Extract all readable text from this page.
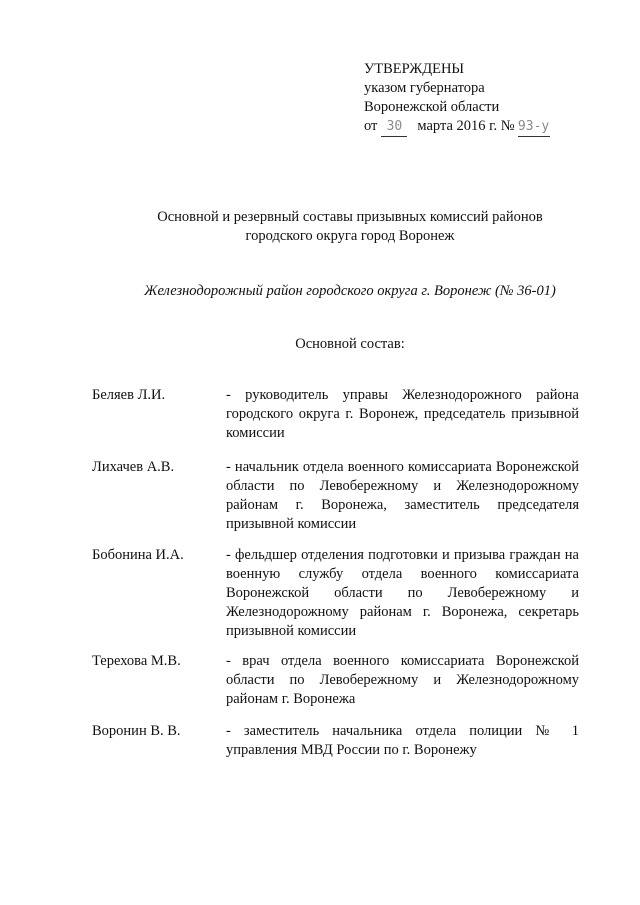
УТВЕРЖДЕНЫ
указом губернатора
Воронежской области
от 30 марта 2016 г. № 93-у
Основной и резервный составы призывных комиссий районов
городского округа город Воронеж
Железнодорожный район городского округа г. Воронеж (№ 36-01)
Основной состав:
Беляев Л.И.	- руководитель управы Железнодорожного района городского округа г. Воронеж, председатель призывной комиссии
Лихачев А.В.	- начальник отдела военного комиссариата Воронежской области по Левобережному и Железнодорожному районам г. Воронежа, заместитель председателя призывной комиссии
Бобонина И.А.	- фельдшер отделения подготовки и призыва граждан на военную службу отдела военного комиссариата Воронежской области по Левобережному и Железнодорожному районам г. Воронежа, секретарь призывной комиссии
Терехова М.В.	- врач отдела военного комиссариата Воронежской области по Левобережному и Железнодорожному районам г. Воронежа
Воронин В. В.	- заместитель начальника отдела полиции № 1 управления МВД России по г. Воронежу
